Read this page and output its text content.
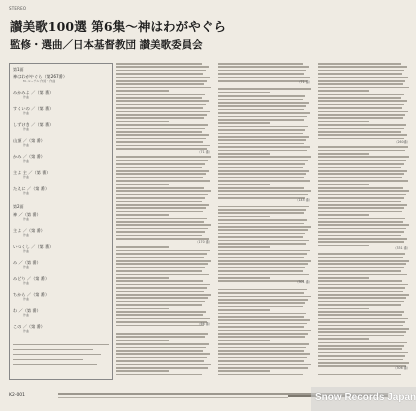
STEREO
讃美歌100選 第6集〜神はわがやぐら
監修・選曲／日本基督教団 讃美歌委員会
第1面
神はわがやぐら（第267番）
M. ルーテル 作詞・作曲
みかみよ ／（第 番）
作曲
すくいの ／（第 番）
作曲
しずけき ／（第 番）
作曲
山頂 ／（第 番）
作曲
かみ ／（第 番）
作曲
主よ 主 ／（第 番）
作曲
たえに ／（第 番）
作曲
第2面
神 ／（第 番）
作曲
主よ ／（第 番）
作曲
いつくし ／（第 番）
作曲
み ／（第 番）
作曲
みどり ／（第 番）
作曲
ちから ／（第 番）
作曲
わ ／（第 番）
作曲
この ／（第 番）
作曲
（71 番）
（170 番）
（66 番）
（71 番）
（145 番）
（301 番）
（260番）
（331 番）
（306 番）
K2-001	Snow Records Japan
